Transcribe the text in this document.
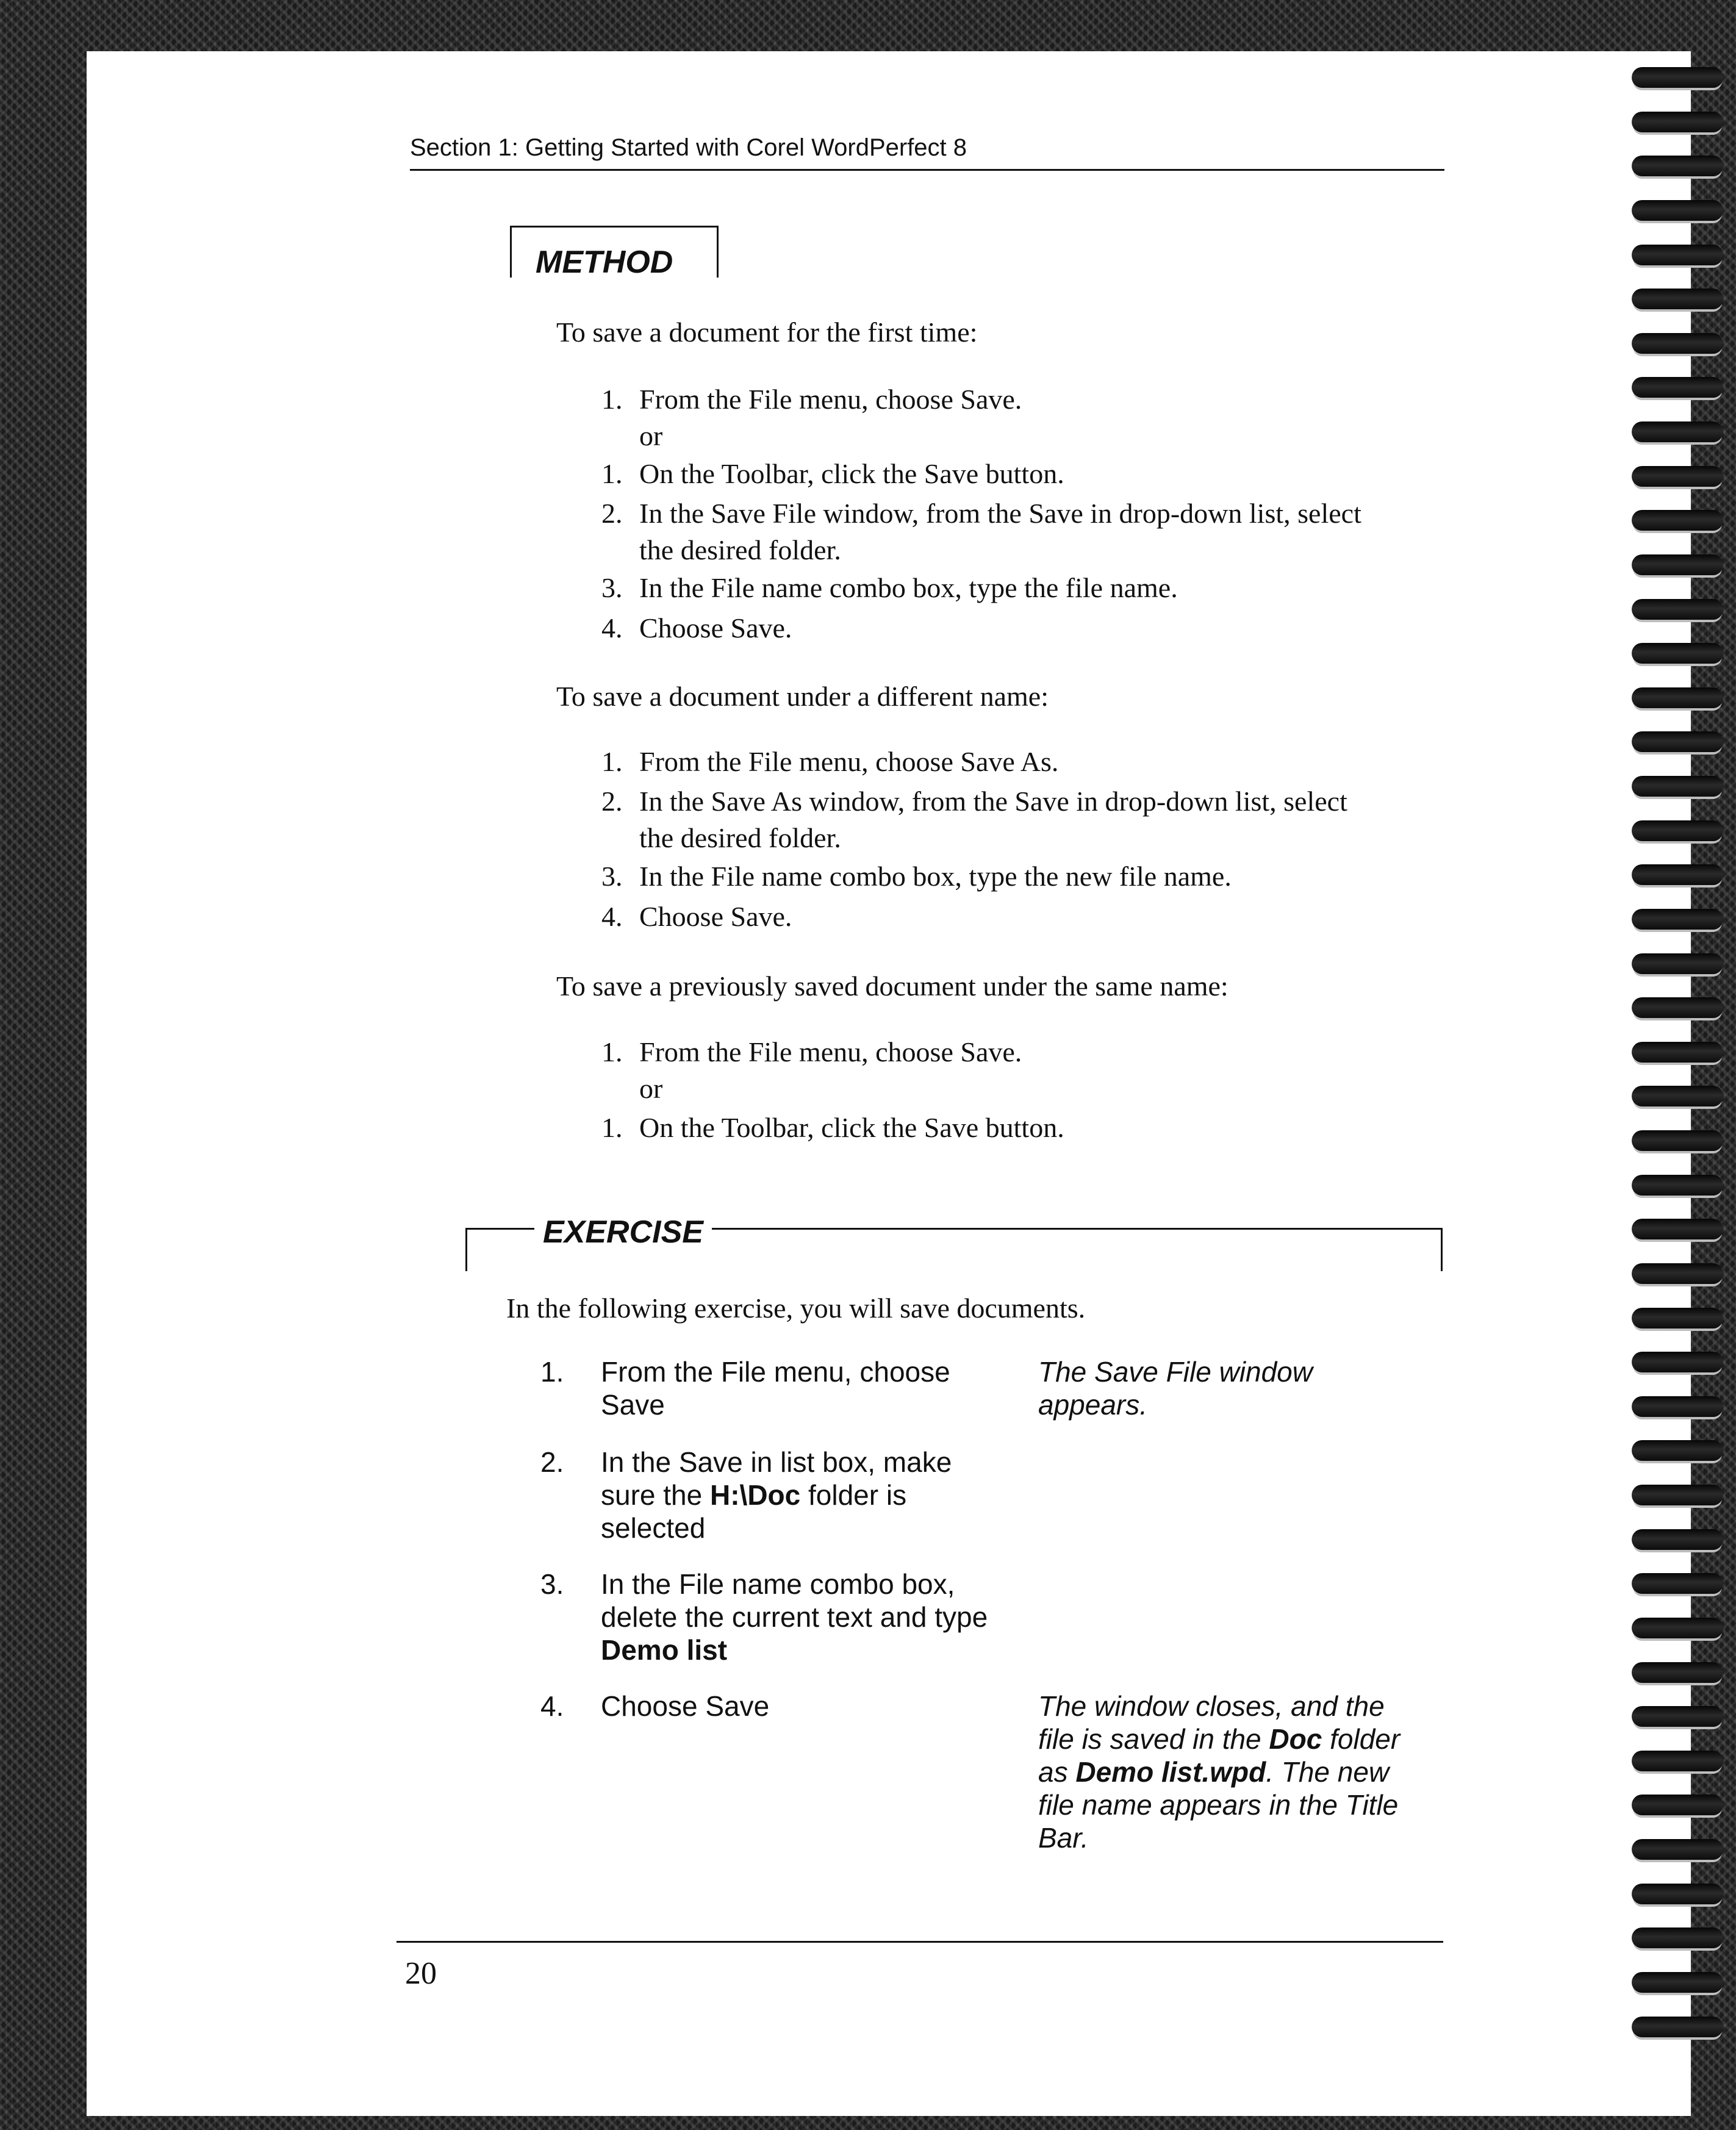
Section 1: Getting Started with Corel WordPerfect 8
METHOD
To save a document for the first time:
1. From the File menu, choose Save.
or
1. On the Toolbar, click the Save button.
2. In the Save File window, from the Save in drop-down list, select
the desired folder.
3. In the File name combo box, type the file name.
4. Choose Save.
To save a document under a different name:
1. From the File menu, choose Save As.
2. In the Save As window, from the Save in drop-down list, select
the desired folder.
3. In the File name combo box, type the new file name.
4. Choose Save.
To save a previously saved document under the same name:
1. From the File menu, choose Save.
or
1. On the Toolbar, click the Save button.
EXERCISE
In the following exercise, you will save documents.
1. From the File menu, choose
Save
The Save File window
appears.
2. In the Save in list box, make
sure the H:\Doc folder is
selected
3. In the File name combo box,
delete the current text and type
Demo list
4. Choose Save	The window closes, and the
file is saved in the Doc folder
as Demo list.wpd. The new
file name appears in the Title
Bar.
20
